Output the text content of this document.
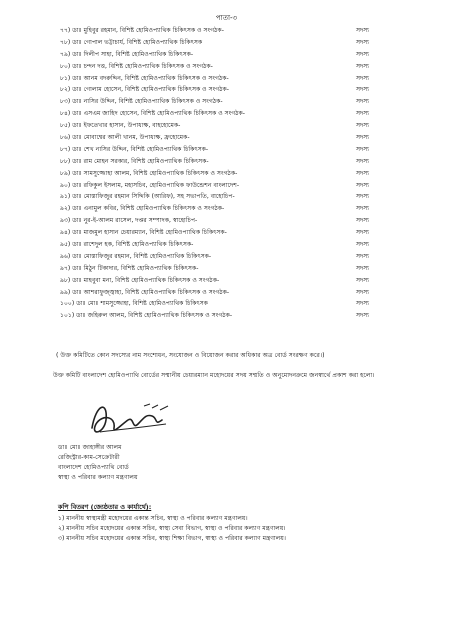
পাতা-৩
৭৭) ডাঃ মুহিবুর রহমান, বিশিষ্ট হোমিওপ্যাথিক চিকিৎসক ও সংগঠক-	সদস্য
৭৮) ডাঃ গোপাল ভট্টাচার্য, বিশিষ্ট হোমিওপ্যাথিক চিকিৎসক	সদস্য
৭৯) ডাঃ দিলীপ সাহা, বিশিষ্ট হোমিওপ্যাথিক চিকিৎসক-	সদস্য
৮০) ডাঃ চন্দন দত্ত, বিশিষ্ট হোমিওপ্যাথিক চিকিৎসক ও সংগঠক-	সদস্য
৮১) ডাঃ আনম বদরুদ্দিন, বিশিষ্ট হোমিওপ্যাথিক চিকিৎসক ও সংগঠক-	সদস্য
৮২) ডাঃ গোলাম হোসেন, বিশিষ্ট হোমিওপ্যাথিক চিকিৎসক ও সংগঠক-	সদস্য
৮৩) ডাঃ নাসির উদ্দিন, বিশিষ্ট হোমিওপ্যাথিক চিকিৎসক ও সংগঠক-	সদস্য
৮৪) ডাঃ এসএম জাহিদ হোসেন, বিশিষ্ট হোমিওপ্যাথিক চিকিৎসক ও সংগঠক-	সদস্য
৮৫) ডাঃ ইফতেখার হাসান, উপাধ্যক্ষ, বাহহোমেক-	সদস্য
৮৬) ডাঃ মোবাশ্বের আলী খানম, উপাধ্যক্ষ, ফ্রহোমেক-	সদস্য
৮৭) ডাঃ শেখ নাসির উদ্দিন, বিশিষ্ট হোমিওপ্যাথিক চিকিৎসক-	সদস্য
৮৮) ডাঃ রাম মোহন সরকার, বিশিষ্ট হোমিওপ্যাথিক চিকিৎসক-	সদস্য
৮৯) ডাঃ সামসুজ্জোহা আলম, বিশিষ্ট হোমিওপ্যাথিক চিকিৎসক ও সংগঠক-	সদস্য
৯০) ডাঃ রফিকুল ইসলাম, মহাসচিব, হোমিওপ্যাথিক ফাউন্ডেশন বাংলাদেশ-	সদস্য
৯১) ডাঃ মোস্তাফিজুর রহমান সিদ্দিকি (আরিফ), সহ সভাপতি, বাহোচিপ-	সদস্য
৯২) ডাঃ এনামুল কবির, বিশিষ্ট হোমিওপ্যাথিক চিকিৎসক ও সংগঠক-	সদস্য
৯৩) ডাঃ নুর-ই-আলম রাসেল, দপ্তর সম্পাদক, স্বাহোচিপ-	সদস্য
৯৪) ডাঃ মাজমুল হাসান চেয়ারম্যান, বিশিষ্ট হোমিওপ্যাথিক চিকিৎসক-	সদস্য
৯৫) ডাঃ রাশেদুল হক, বিশিষ্ট হোমিওপ্যাথিক চিকিৎসক-	সদস্য
৯৬) ডাঃ মোস্তাফিজুর রহমান, বিশিষ্ট হোমিওপ্যাথিক চিকিৎসক-	সদস্য
৯৭) ডাঃ মিঠুন টিকাদার, বিশিষ্ট হোমিওপ্যাথিক চিকিৎসক-	সদস্য
৯৮) ডাঃ মাহবুবা মনা, বিশিষ্ট হোমিওপ্যাথিক চিকিৎসক ও সংগঠক-	সদস্য
৯৯) ডাঃ আশরাফুজ্জ্বাহা, বিশিষ্ট হোমিওপ্যাথিক চিকিৎসক ও সংগঠক-	সদস্য
১০০) ডাঃ মোঃ শামসুজ্জোহা, বিশিষ্ট হোমিওপ্যাথিক চিকিৎসক	সদস্য
১০১) ডাঃ জহিরুল আলম, বিশিষ্ট হোমিওপ্যাথিক চিকিৎসক ও সংগঠক-	সদস্য
( উক্ত কমিটিতে কোন সদস্যের নাম সংশোধন, সংযোজন ও বিয়োজন করার অধিকার অত্র বোর্ড সংরক্ষণ করে।)
উক্ত কমিটি বাংলাদেশ হোমিওপ্যাথি বোর্ডের সম্মানীয় চেয়ারম্যান মহোদয়ের সদয় সম্মতি ও অনুমোদনক্রমে জনস্বার্থে প্রকাশ করা হলো।
ডাঃ মোঃ জাহাঙ্গীর আলম
রেজিস্ট্রার-কাম-সেক্রেটারী
বাংলাদেশ হোমিওপ্যাথি বোর্ড
স্বাস্থ্য ও পরিবার কল্যাণ মন্ত্রণালয়
কপি বিতরণ (জ্যেষ্ঠতার ও কার্যার্থে):
১) মাননীয় স্বাস্থ্যমন্ত্রী মহোদয়ের একান্ত সচিব, স্বাস্থ্য ও পরিবার কল্যাণ মন্ত্রণালয়।
২) মাননীয় সচিব মহোদয়ের একান্ত সচিব, স্বাস্থ্য সেবা বিভাগ, স্বাস্থ্য ও পরিবার কল্যাণ মন্ত্রণালয়।
৩) মাননীয় সচিব মহোদয়ের একান্ত সচিব, স্বাস্থ্য শিক্ষা বিভাগ, স্বাস্থ্য ও পরিবার কল্যাণ মন্ত্রণালয়।
